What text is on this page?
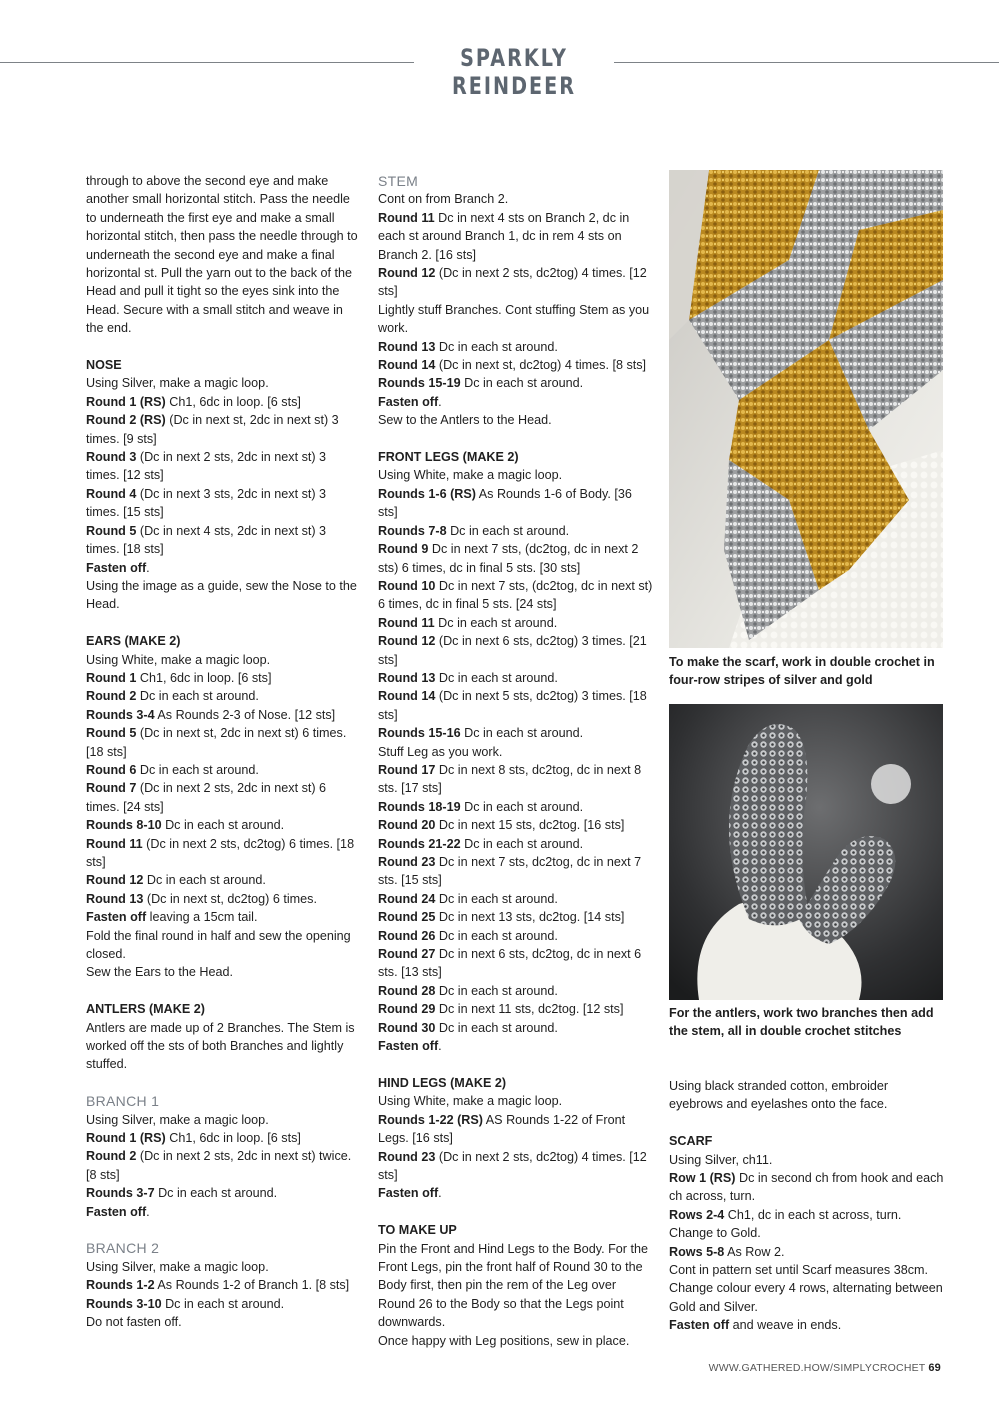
SPARKLY REINDEER

through to above the second eye and make another small horizontal stitch. Pass the needle to underneath the first eye and make a small horizontal stitch, then pass the needle through to underneath the second eye and make a final horizontal st. Pull the yarn out to the back of the Head and pull it tight so the eyes sink into the Head. Secure with a small stitch and weave in the end.

NOSE

Using Silver, make a magic loop.

Round 1 (RS) Ch1, 6dc in loop. [6 sts]

Round 2 (RS) (Dc in next st, 2dc in next st) 3 times. [9 sts]

Round 3 (Dc in next 2 sts, 2dc in next st) 3 times. [12 sts]

Round 4 (Dc in next 3 sts, 2dc in next st) 3 times. [15 sts]

Round 5 (Dc in next 4 sts, 2dc in next st) 3 times. [18 sts]

Fasten off.

Using the image as a guide, sew the Nose to the Head.

EARS (MAKE 2)

Using White, make a magic loop.

Round 1 Ch1, 6dc in loop. [6 sts]

Round 2 Dc in each st around.

Rounds 3-4 As Rounds 2-3 of Nose. [12 sts]

Round 5 (Dc in next st, 2dc in next st) 6 times. [18 sts]

Round 6 Dc in each st around.

Round 7 (Dc in next 2 sts, 2dc in next st) 6 times. [24 sts]

Rounds 8-10 Dc in each st around.

Round 11 (Dc in next 2 sts, dc2tog) 6 times. [18 sts]

Round 12 Dc in each st around.

Round 13 (Dc in next st, dc2tog) 6 times.

Fasten off leaving a 15cm tail.

Fold the final round in half and sew the opening closed.

Sew the Ears to the Head.

ANTLERS (MAKE 2)

Antlers are made up of 2 Branches. The Stem is worked off the sts of both Branches and lightly stuffed.

BRANCH 1

Using Silver, make a magic loop.

Round 1 (RS) Ch1, 6dc in loop. [6 sts]

Round 2 (Dc in next 2 sts, 2dc in next st) twice. [8 sts]

Rounds 3-7 Dc in each st around.

Fasten off.

BRANCH 2

Using Silver, make a magic loop.

Rounds 1-2 As Rounds 1-2 of Branch 1. [8 sts]

Rounds 3-10 Dc in each st around.

Do not fasten off.

STEM

Cont on from Branch 2.

Round 11 Dc in next 4 sts on Branch 2, dc in each st around Branch 1, dc in rem 4 sts on Branch 2. [16 sts]

Round 12 (Dc in next 2 sts, dc2tog) 4 times. [12 sts]

Lightly stuff Branches. Cont stuffing Stem as you work.

Round 13 Dc in each st around.

Round 14 (Dc in next st, dc2tog) 4 times. [8 sts]

Rounds 15-19 Dc in each st around.

Fasten off.

Sew to the Antlers to the Head.

FRONT LEGS (MAKE 2)

Using White, make a magic loop.

Rounds 1-6 (RS) As Rounds 1-6 of Body. [36 sts]

Rounds 7-8 Dc in each st around.

Round 9 Dc in next 7 sts, (dc2tog, dc in next 2 sts) 6 times, dc in final 5 sts. [30 sts]

Round 10 Dc in next 7 sts, (dc2tog, dc in next st) 6 times, dc in final 5 sts. [24 sts]

Round 11 Dc in each st around.

Round 12 (Dc in next 6 sts, dc2tog) 3 times. [21 sts]

Round 13 Dc in each st around.

Round 14 (Dc in next 5 sts, dc2tog) 3 times. [18 sts]

Rounds 15-16 Dc in each st around.

Stuff Leg as you work.

Round 17 Dc in next 8 sts, dc2tog, dc in next 8 sts. [17 sts]

Rounds 18-19 Dc in each st around.

Round 20 Dc in next 15 sts, dc2tog. [16 sts]

Rounds 21-22 Dc in each st around.

Round 23 Dc in next 7 sts, dc2tog, dc in next 7 sts. [15 sts]

Round 24 Dc in each st around.

Round 25 Dc in next 13 sts, dc2tog. [14 sts]

Round 26 Dc in each st around.

Round 27 Dc in next 6 sts, dc2tog, dc in next 6 sts. [13 sts]

Round 28 Dc in each st around.

Round 29 Dc in next 11 sts, dc2tog. [12 sts]

Round 30 Dc in each st around.

Fasten off.

HIND LEGS (MAKE 2)

Using White, make a magic loop.

Rounds 1-22 (RS) AS Rounds 1-22 of Front Legs. [16 sts]

Round 23 (Dc in next 2 sts, dc2tog) 4 times. [12 sts]

Fasten off.

TO MAKE UP

Pin the Front and Hind Legs to the Body. For the Front Legs, pin the front half of Round 30 to the Body first, then pin the rem of the Leg over Round 26 to the Body so that the Legs point downwards.

Once happy with Leg positions, sew in place.

Using black stranded cotton, embroider eyebrows and eyelashes onto the face.

SCARF

Using Silver, ch11.

Row 1 (RS) Dc in second ch from hook and each ch across, turn.

Rows 2-4 Ch1, dc in each st across, turn.

Change to Gold.

Rows 5-8 As Row 2.

Cont in pattern set until Scarf measures 38cm.

Change colour every 4 rows, alternating between Gold and Silver.

Fasten off and weave in ends.

To make the scarf, work in double crochet in four-row stripes of silver and gold
For the antlers, work two branches then add the stem, all in double crochet stitches
WWW.GATHERED.HOW/SIMPLYCROCHET 69
